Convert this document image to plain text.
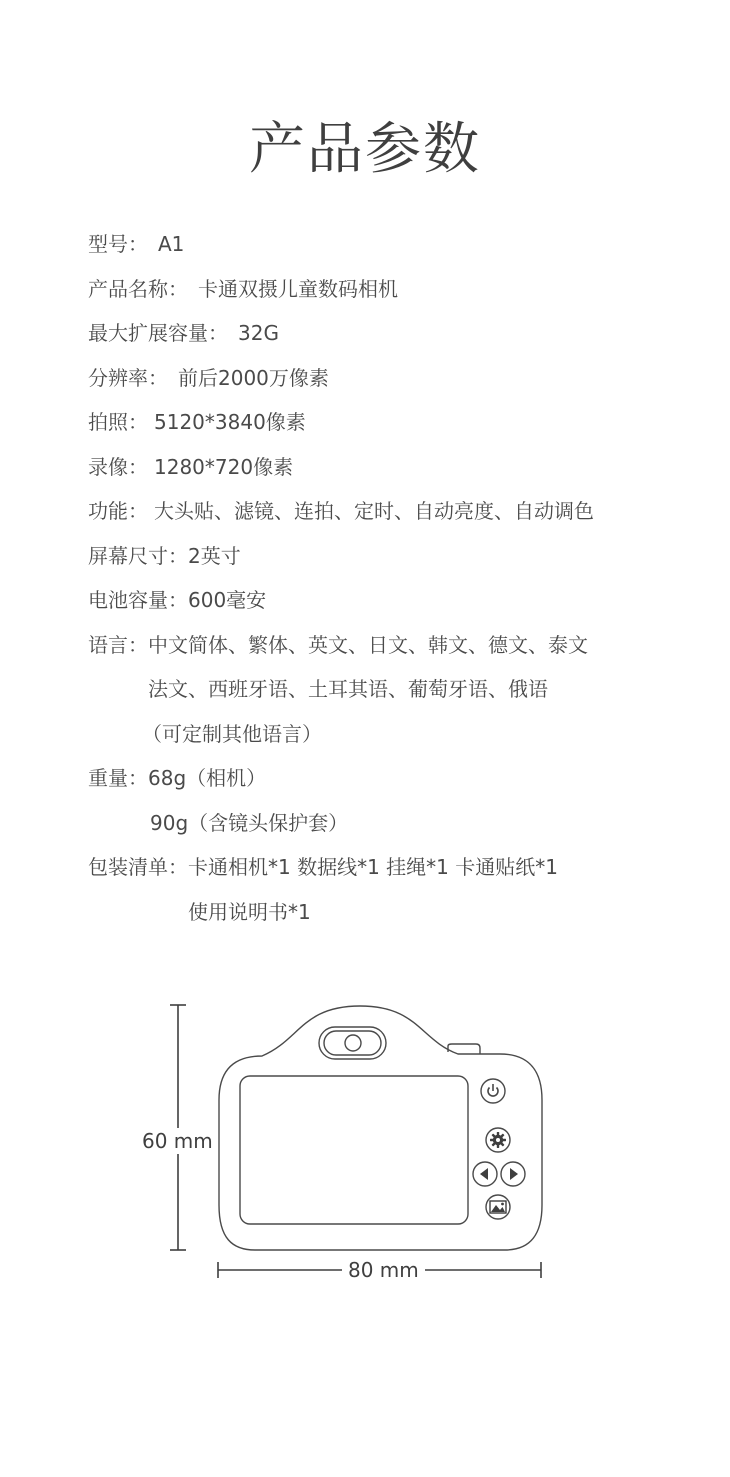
产品参数
型号： A1
产品名称： 卡通双摄儿童数码相机
最大扩展容量： 32G
分辨率： 前后2000万像素
拍照： 5120*3840像素
录像： 1280*720像素
功能： 大头贴、滤镜、连拍、定时、自动亮度、自动调色
屏幕尺寸： 2英寸
电池容量： 600毫安
语言： 中文简体、繁体、英文、日文、韩文、德文、泰文
法文、西班牙语、土耳其语、葡萄牙语、俄语
（可定制其他语言）
重量： 68g（相机）
90g（含镜头保护套）
包装清单： 卡通相机*1 数据线*1 挂绳*1 卡通贴纸*1
使用说明书*1
60 mm
80 mm
